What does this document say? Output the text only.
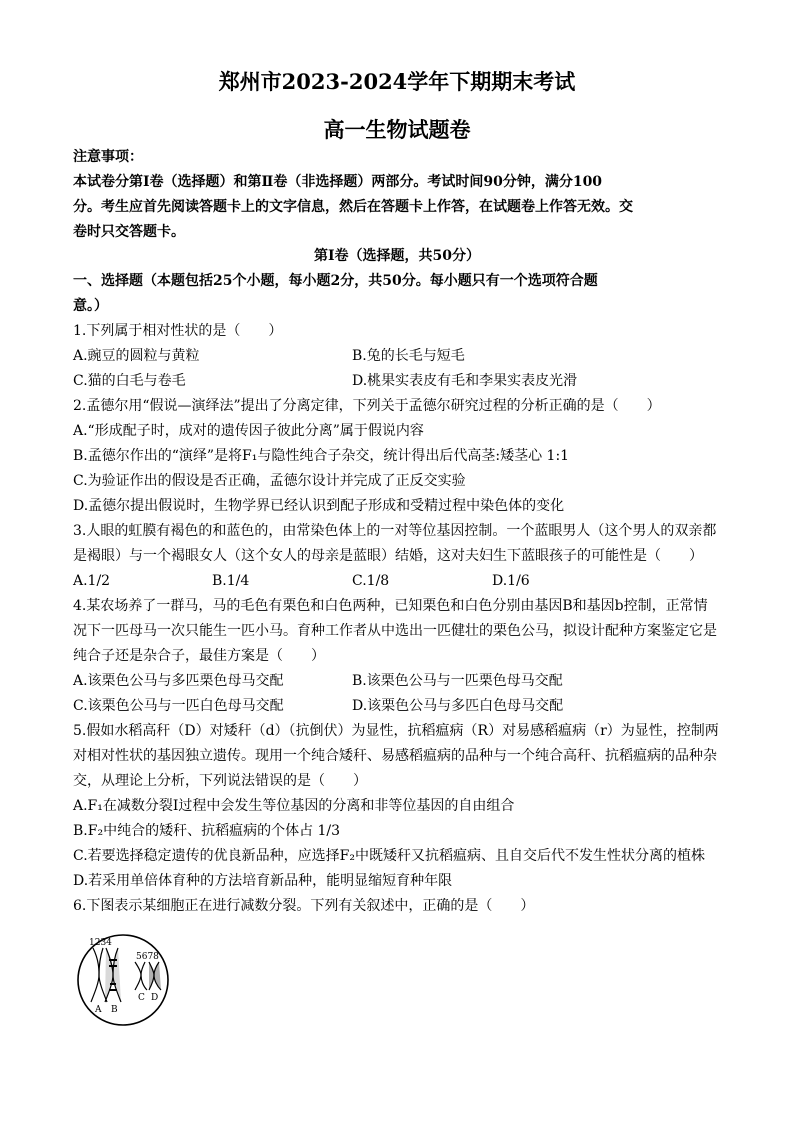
郑州市2023-2024学年下期期末考试
高一生物试题卷
注意事项：
本试卷分第Ⅰ卷（选择题）和第Ⅱ卷（非选择题）两部分。考试时间90分钟，满分100
分。考生应首先阅读答题卡上的文字信息，然后在答题卡上作答，在试题卷上作答无效。交
卷时只交答题卡。
第Ⅰ卷（选择题，共50分）
一、选择题（本题包括25个小题，每小题2分，共50分。每小题只有一个选项符合题
意。）
1.下列属于相对性状的是（　　）
A.豌豆的圆粒与黄粒	B.兔的长毛与短毛
C.猫的白毛与卷毛	D.桃果实表皮有毛和李果实表皮光滑
2.孟德尔用“假说—演绎法”提出了分离定律，下列关于孟德尔研究过程的分析正确的是（　　）
A.“形成配子时，成对的遗传因子彼此分离”属于假说内容
B.孟德尔作出的“演绎”是将F₁与隐性纯合子杂交，统计得出后代高茎:矮茎心 1:1
C.为验证作出的假设是否正确，孟德尔设计并完成了正反交实验
D.孟德尔提出假说时，生物学界已经认识到配子形成和受精过程中染色体的变化
3.人眼的虹膜有褐色的和蓝色的，由常染色体上的一对等位基因控制。一个蓝眼男人（这个男人的双亲都
是褐眼）与一个褐眼女人（这个女人的母亲是蓝眼）结婚，这对夫妇生下蓝眼孩子的可能性是（　　）
A.1/2	B.1/4	C.1/8	D.1/6
4.某农场养了一群马，马的毛色有栗色和白色两种，已知栗色和白色分别由基因B和基因b控制，正常情
况下一匹母马一次只能生一匹小马。育种工作者从中选出一匹健壮的栗色公马，拟设计配种方案鉴定它是
纯合子还是杂合子，最佳方案是（　　）
A.该栗色公马与多匹栗色母马交配	B.该栗色公马与一匹栗色母马交配
C.该栗色公马与一匹白色母马交配	D.该栗色公马与多匹白色母马交配
5.假如水稻高秆（D）对矮秆（d）（抗倒伏）为显性，抗稻瘟病（R）对易感稻瘟病（r）为显性，控制两
对相对性状的基因独立遗传。现用一个纯合矮秆、易感稻瘟病的品种与一个纯合高秆、抗稻瘟病的品种杂
交，从理论上分析，下列说法错误的是（　　）
A.F₁在减数分裂Ⅰ过程中会发生等位基因的分离和非等位基因的自由组合
B.F₂中纯合的矮秆、抗稻瘟病的个体占 1/3
C.若要选择稳定遗传的优良新品种，应选择F₂中既矮秆又抗稻瘟病、且自交后代不发生性状分离的植株
D.若采用单倍体育种的方法培育新品种，能明显缩短育种年限
6.下图表示某细胞正在进行减数分裂。下列有关叙述中，正确的是（　　）
1234
5678
A B
C D
